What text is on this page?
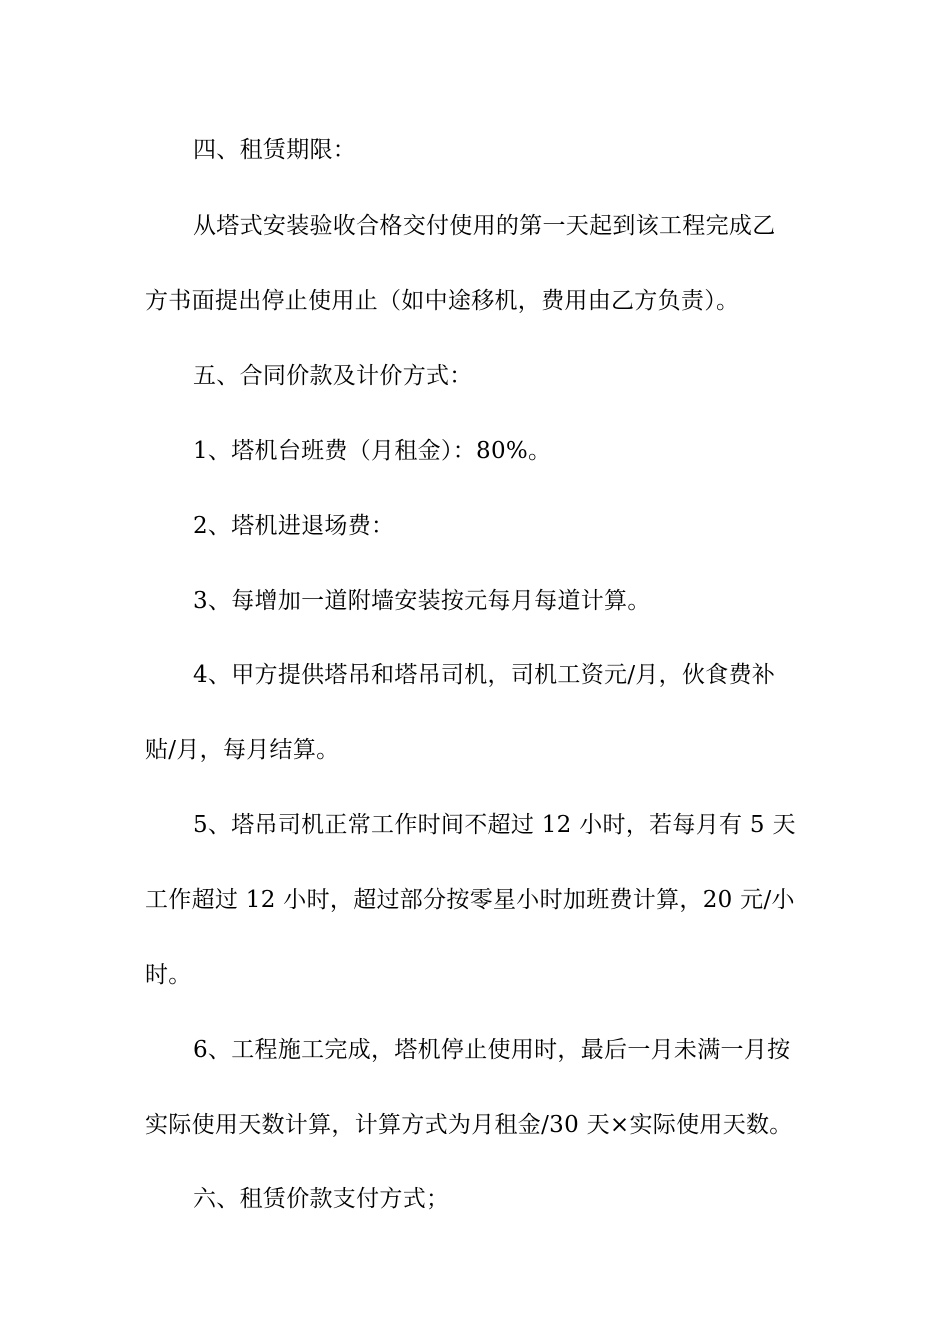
四、租赁期限：
从塔式安装验收合格交付使用的第一天起到该工程完成乙
方书面提出停止使用止（如中途移机，费用由乙方负责）。
五、合同价款及计价方式：
1、塔机台班费（月租金）：80%。
2、塔机进退场费：
3、每增加一道附墙安装按元每月每道计算。
4、甲方提供塔吊和塔吊司机，司机工资元/月，伙食费补
贴/月，每月结算。
5、塔吊司机正常工作时间不超过 12 小时，若每月有 5 天
工作超过 12 小时，超过部分按零星小时加班费计算，20 元/小
时。
6、工程施工完成，塔机停止使用时，最后一月未满一月按
实际使用天数计算，计算方式为月租金/30 天×实际使用天数。
六、租赁价款支付方式；
